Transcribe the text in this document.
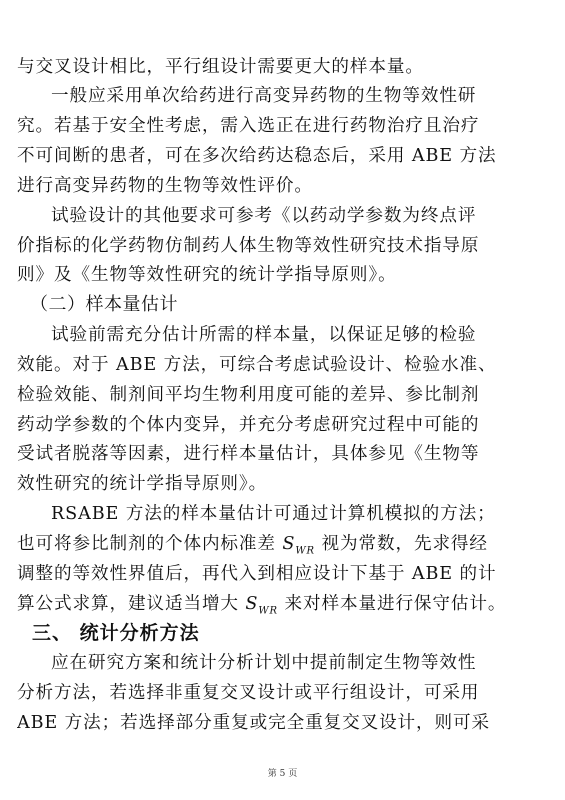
与交叉设计相比，平行组设计需要更大的样本量。
一般应采用单次给药进行高变异药物的生物等效性研
究。若基于安全性考虑，需入选正在进行药物治疗且治疗
不可间断的患者，可在多次给药达稳态后，采用 ABE 方法
进行高变异药物的生物等效性评价。
试验设计的其他要求可参考《以药动学参数为终点评
价指标的化学药物仿制药人体生物等效性研究技术指导原
则》及《生物等效性研究的统计学指导原则》。
（二）样本量估计
试验前需充分估计所需的样本量，以保证足够的检验
效能。对于 ABE 方法，可综合考虑试验设计、检验水准、
检验效能、制剂间平均生物利用度可能的差异、参比制剂
药动学参数的个体内变异，并充分考虑研究过程中可能的
受试者脱落等因素，进行样本量估计，具体参见《生物等
效性研究的统计学指导原则》。
RSABE 方法的样本量估计可通过计算机模拟的方法；
也可将参比制剂的个体内标准差 $S_{WR}$ 视为常数，先求得经
调整的等效性界值后，再代入到相应设计下基于 ABE 的计
算公式求算，建议适当增大 $S_{WR}$ 来对样本量进行保守估计。
三、 统计分析方法
应在研究方案和统计分析计划中提前制定生物等效性
分析方法，若选择非重复交叉设计或平行组设计，可采用
ABE 方法；若选择部分重复或完全重复交叉设计，则可采
第 5 页
